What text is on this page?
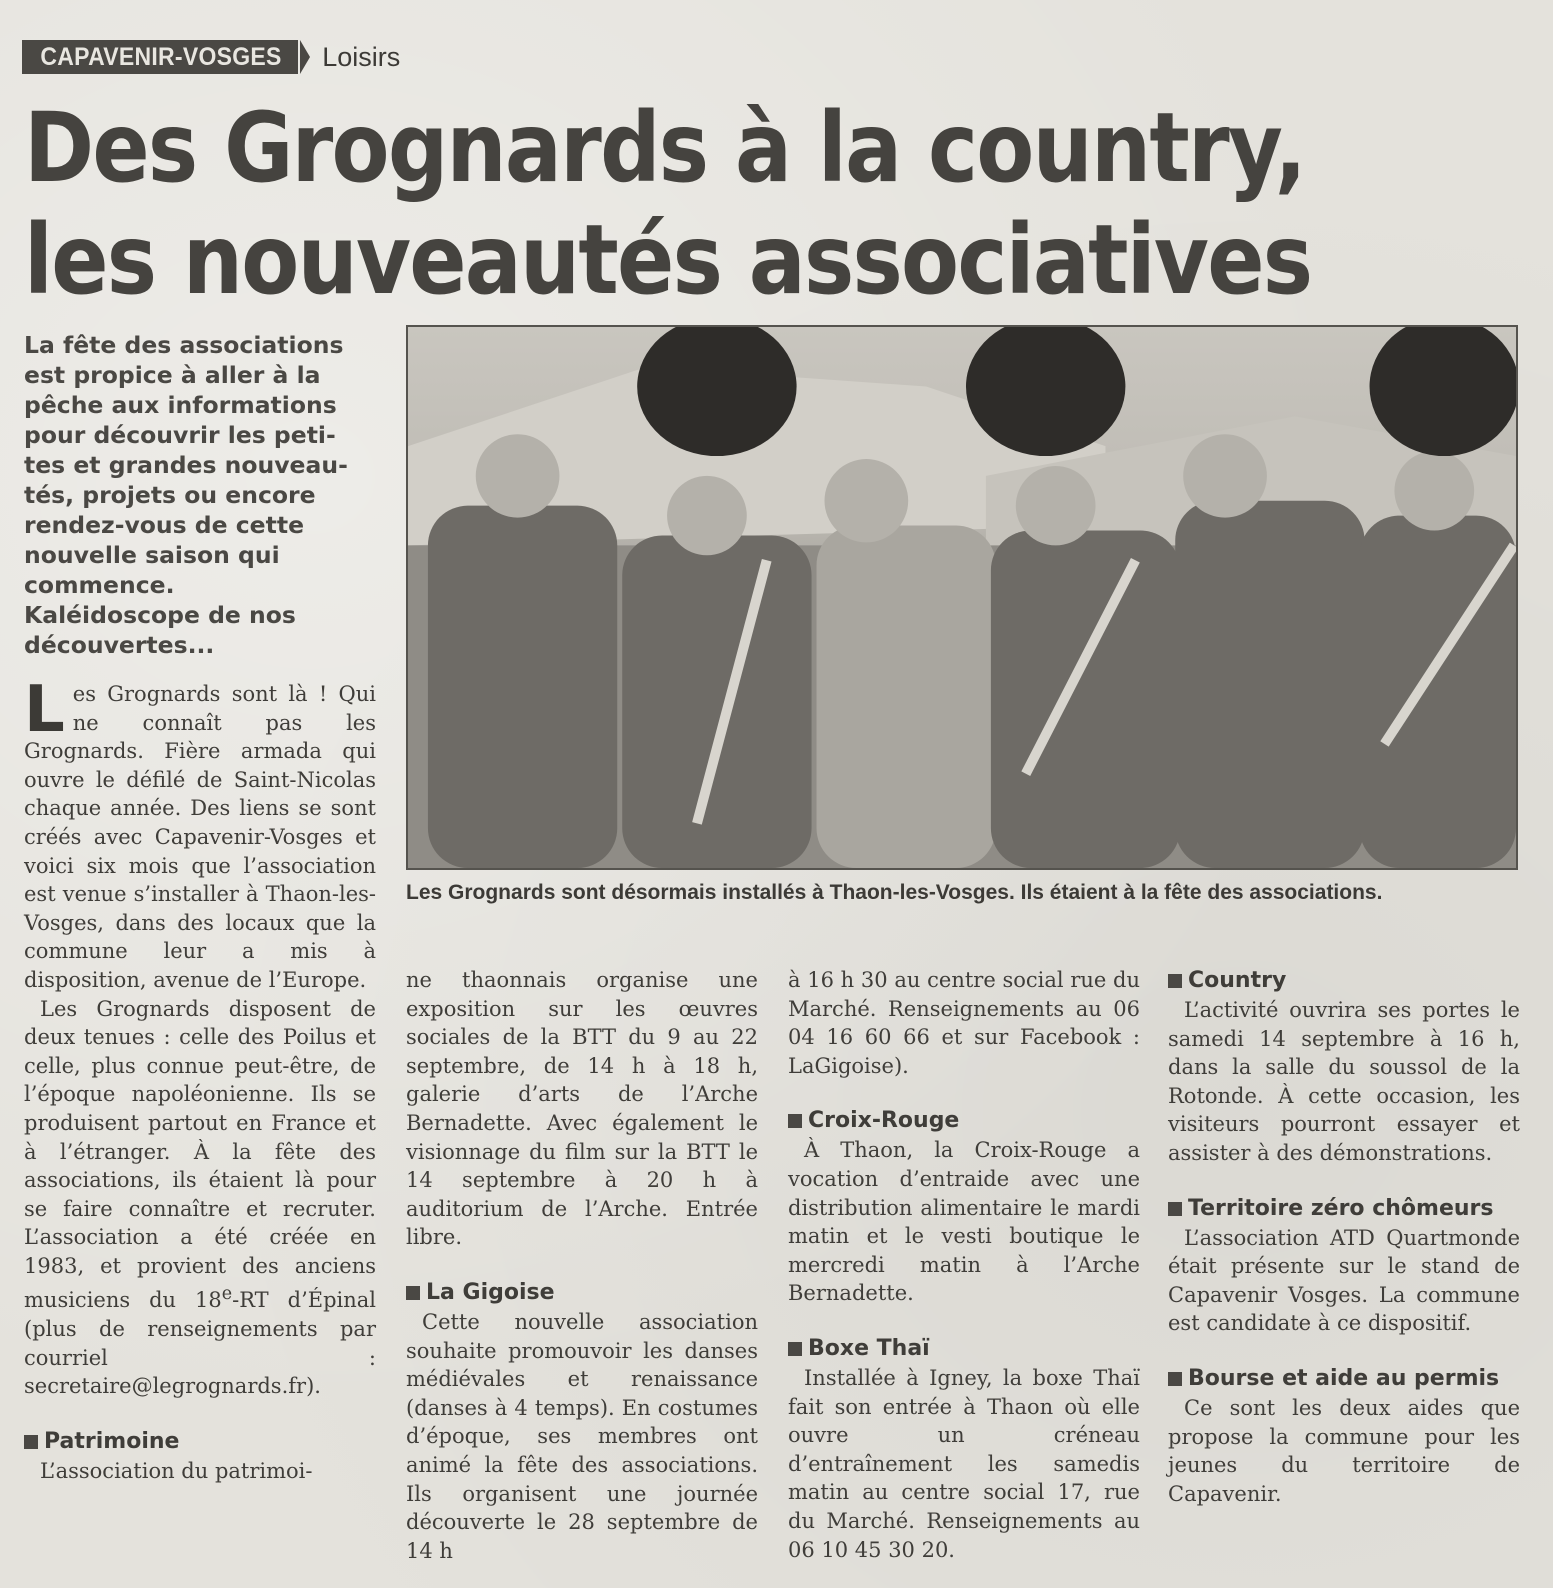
CAPAVENIR-VOSGES	Loisirs
Des Grognards à la country,
les nouveautés associatives
La fête des associations
est propice à aller à la
pêche aux informations
pour découvrir les peti-
tes et grandes nouveau-
tés, projets ou encore
rendez-vous de cette
nouvelle saison qui
commence.
Kaléidoscope de nos
découvertes...

Les Grognards sont désormais installés à Thaon-les-Vosges. Ils étaient à la fête des associations.

Les Grognards sont là ! Qui ne connaît pas les Grognards. Fière armada qui ouvre le défilé de Saint-Nicolas chaque année. Des liens se sont créés avec Capavenir-Vosges et voici six mois que l’association est venue s’installer à Thaon-les-Vosges, dans des locaux que la commune leur a mis à disposition, avenue de l’Europe.

Les Grognards disposent de deux tenues : celle des Poilus et celle, plus connue peut-être, de l’époque napoléonienne. Ils se produisent partout en France et à l’étranger. À la fête des associations, ils étaient là pour se faire connaître et recruter. L’association a été créée en 1983, et provient des anciens musiciens du 18e-RT d’Épinal (plus de renseignements par courriel : secretaire@legrognards.fr).

Patrimoine

L’association du patrimoi-

ne thaonnais organise une exposition sur les œuvres sociales de la BTT du 9 au 22 septembre, de 14 h à 18 h, galerie d’arts de l’Arche Bernadette. Avec également le visionnage du film sur la BTT le 14 septembre à 20 h à auditorium de l’Arche. Entrée libre.

La Gigoise

Cette nouvelle association souhaite promouvoir les danses médiévales et renaissance (danses à 4 temps). En costumes d’époque, ses membres ont animé la fête des associations. Ils organisent une journée découverte le 28 septembre de 14 h

à 16 h 30 au centre social rue du Marché. Renseignements au 06 04 16 60 66 et sur Facebook : LaGigoise).

Croix-Rouge

À Thaon, la Croix-Rouge a vocation d’entraide avec une distribution alimentaire le mardi matin et le vesti boutique le mercredi matin à l’Arche Bernadette.

Boxe Thaï

Installée à Igney, la boxe Thaï fait son entrée à Thaon où elle ouvre un créneau d’entraînement les samedis matin au centre social 17, rue du Marché. Renseignements au 06 10 45 30 20.

Country

L’activité ouvrira ses portes le samedi 14 septembre à 16 h, dans la salle du soussol de la Rotonde. À cette occasion, les visiteurs pourront essayer et assister à des démonstrations.

Territoire zéro chômeurs

L’association ATD Quartmonde était présente sur le stand de Capavenir Vosges. La commune est candidate à ce dispositif.

Bourse et aide au permis

Ce sont les deux aides que propose la commune pour les jeunes du territoire de Capavenir.
